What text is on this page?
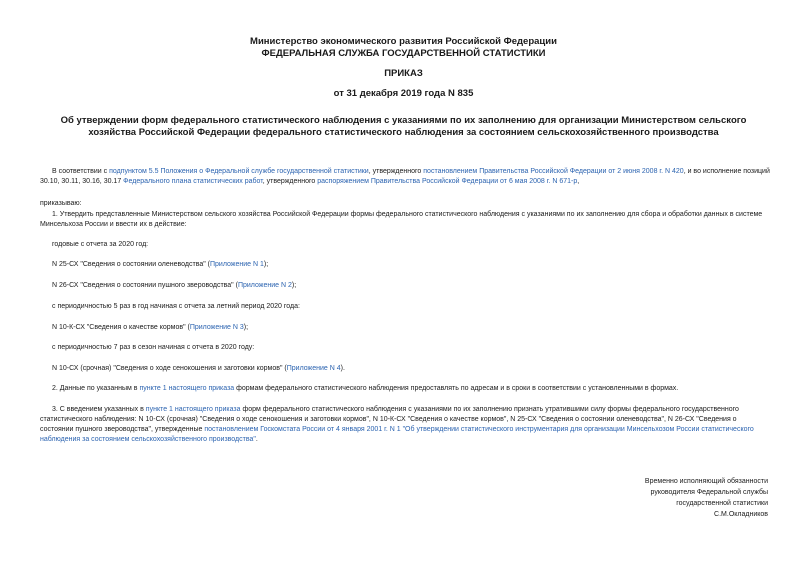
Министерство экономического развития Российской Федерации
ФЕДЕРАЛЬНАЯ СЛУЖБА ГОСУДАРСТВЕННОЙ СТАТИСТИКИ
ПРИКАЗ
от 31 декабря 2019 года N 835
Об утверждении форм федерального статистического наблюдения с указаниями по их заполнению для организации Министерством сельского хозяйства Российской Федерации федерального статистического наблюдения за состоянием сельскохозяйственного производства
В соответствии с подпунктом 5.5 Положения о Федеральной службе государственной статистики, утвержденного постановлением Правительства Российской Федерации от 2 июня 2008 г. N 420, и во исполнение позиций 30.10, 30.11, 30.16, 30.17 Федерального плана статистических работ, утвержденного распоряжением Правительства Российской Федерации от 6 мая 2008 г. N 671-р,
приказываю:
1. Утвердить представленные Министерством сельского хозяйства Российской Федерации формы федерального статистического наблюдения с указаниями по их заполнению для сбора и обработки данных в системе Минсельхоза России и ввести их в действие:
годовые с отчета за 2020 год:
N 25-СХ "Сведения о состоянии оленеводства" (Приложение N 1);
N 26-СХ "Сведения о состоянии пушного звероводства" (Приложение N 2);
с периодичностью 5 раз в год начиная с отчета за летний период 2020 года:
N 10-К-СХ "Сведения о качестве кормов" (Приложение N 3);
с периодичностью 7 раз в сезон начиная с отчета в 2020 году:
N 10-СХ (срочная) "Сведения о ходе сенокошения и заготовки кормов" (Приложение N 4).
2. Данные по указанным в пункте 1 настоящего приказа формам федерального статистического наблюдения предоставлять по адресам и в сроки в соответствии с установленными в формах.
3. С введением указанных в пункте 1 настоящего приказа форм федерального статистического наблюдения с указаниями по их заполнению признать утратившими силу формы федерального государственного статистического наблюдения: N 10-СХ (срочная) "Сведения о ходе сенокошения и заготовки кормов", N 10-К-СХ "Сведения о качестве кормов", N 25-СХ "Сведения о состоянии оленеводства", N 26-СХ "Сведения о состоянии пушного звероводства", утвержденные постановлением Госкомстата России от 4 января 2001 г. N 1 "Об утверждении статистического инструментария для организации Минсельхозом России статистического наблюдения за состоянием сельскохозяйственного производства".
Временно исполняющий обязанности
руководителя Федеральной службы
государственной статистики
С.М.Окладников
